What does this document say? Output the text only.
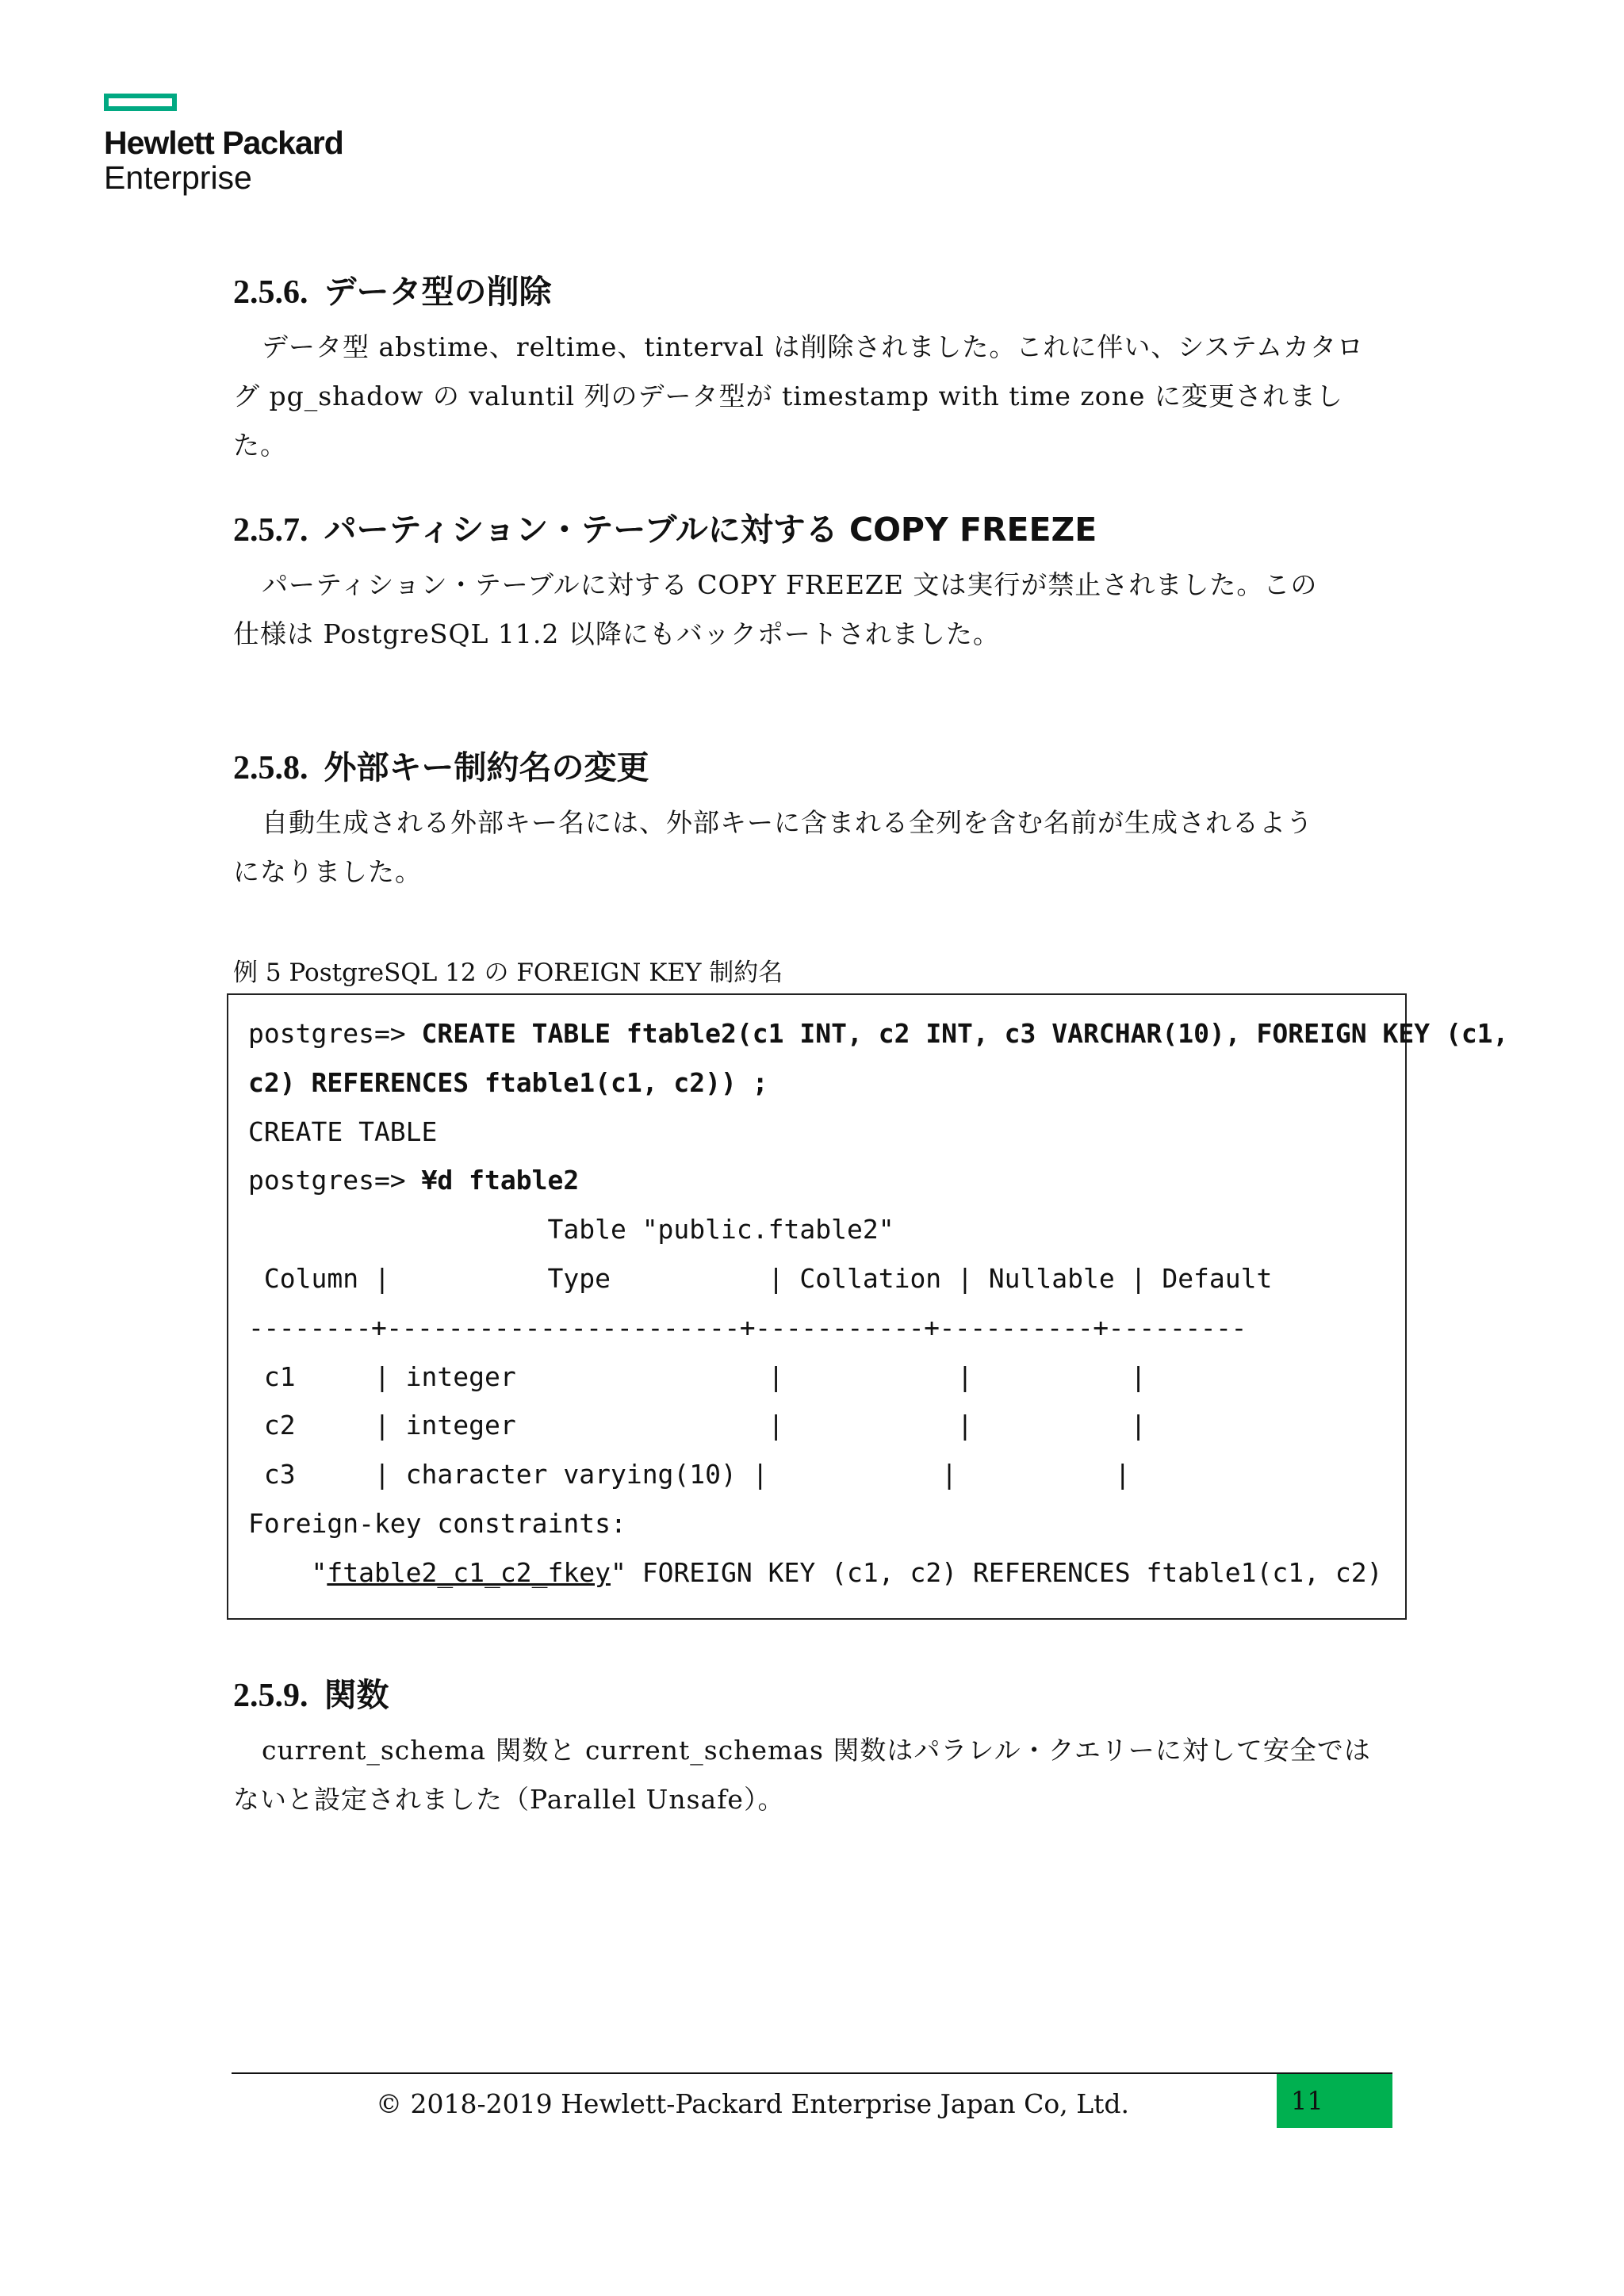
Hewlett Packard
Enterprise
2.5.6. データ型の削除

データ型 abstime、reltime、tinterval は削除されました。これに伴い、システムカタロ

グ pg_shadow の valuntil 列のデータ型が timestamp with time zone に変更されました。

2.5.7. パーティション・テーブルに対する COPY FREEZE

パーティション・テーブルに対する COPY FREEZE 文は実行が禁止されました。この

仕様は PostgreSQL 11.2 以降にもバックポートされました。

2.5.8. 外部キー制約名の変更

自動生成される外部キー名には、外部キーに含まれる全列を含む名前が生成されるよう

になりました。

例 5 PostgreSQL 12 の FOREIGN KEY 制約名
postgres=> CREATE TABLE ftable2(c1 INT, c2 INT, c3 VARCHAR(10), FOREIGN KEY (c1,
c2) REFERENCES ftable1(c1, c2)) ;
CREATE TABLE
postgres=> ¥d ftable2
Table "public.ftable2"
Column |          Type          | Collation | Nullable | Default
--------+-----------------------+-----------+----------+---------
c1     | integer                |           |          |
c2     | integer                |           |          |
c3     | character varying(10) |           |          |
Foreign-key constraints:
"ftable2_c1_c2_fkey" FOREIGN KEY (c1, c2) REFERENCES ftable1(c1, c2)
2.5.9. 関数

current_schema 関数と current_schemas 関数はパラレル・クエリーに対して安全では

ないと設定されました（Parallel Unsafe）。

© 2018-2019 Hewlett-Packard Enterprise Japan Co, Ltd.	11
